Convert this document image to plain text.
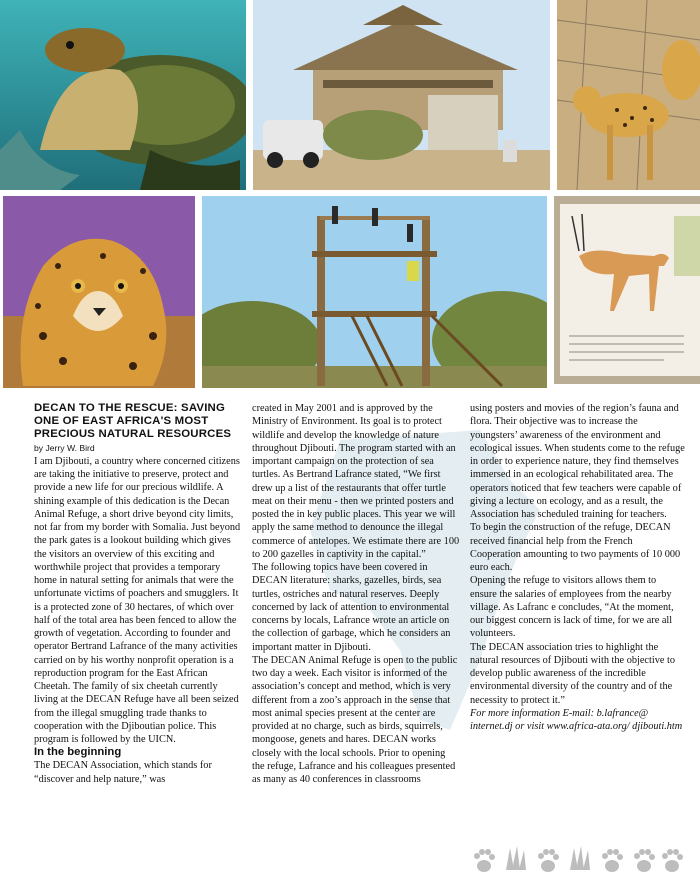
DECAN TO THE RESCUE: SAVING ONE OF EAST AFRICA'S MOST PRECIOUS NATURAL RESOURCES

by Jerry W. Bird

I am Djibouti, a country where concerned citizens are taking the initiative to preserve, protect and provide a new life for our precious wildlife. A shining example of this dedication is the Decan Animal Refuge, a short drive beyond city limits, not far from my border with Somalia. Just beyond the park gates is a lookout building which gives the visitors an overview of this exciting and worthwhile project that provides a temporary home in natural setting for animals that were the unfortunate victims of poachers and smugglers. It is a protected zone of 30 hectares, of which over half of the total area has been fenced to allow the growth of vegetation. According to founder and operator Bertrand Lafrance of the many activities carried on by his worthy nonprofit operation is a reproduction program for the East African Cheetah. The family of six cheetah currently living at the DECAN Refuge have all been seized from the illegal smuggling trade thanks to cooperation with the Djiboutian police. This program is followed by the UICN.

In the beginning

The DECAN Association, which stands for “discover and help nature,” was

created in May 2001 and is approved by the Ministry of Environment. Its goal is to protect wildlife and develop the knowledge of nature throughout Djibouti. The program started with an important campaign on the protection of sea turtles. As Bertrand Lafrance stated, “We first drew up a list of the restaurants that offer turtle meat on their menu - then we printed posters and posted the in key public places. This year we will apply the same method to denounce the illegal commerce of antelopes. We estimate there are 100 to 200 gazelles in captivity in the capital.”

The following topics have been covered in DECAN literature: sharks, gazelles, birds, sea turtles, ostriches and natural reserves. Deeply concerned by lack of attention to environmental concerns by locals, Lafrance wrote an article on the collection of garbage, which he considers an important matter in Djibouti.

The DECAN Animal Refuge is open to the public two day a week. Each visitor is informed of the association’s concept and method, which is very different from a zoo’s approach in the sense that most animal species present at the center are provided at no charge, such as birds, squirrels, mongoose, genets and hares. DECAN works closely with the local schools. Prior to opening the refuge, Lafrance and his colleagues presented as many as 40 conferences in classrooms

using posters and movies of the region’s fauna and flora. Their objective was to increase the youngsters’ awareness of the environment and ecological issues. When students come to the refuge in order to experience nature, they find themselves immersed in an ecological rehabilitated area. The operators noticed that few teachers were capable of giving a lecture on ecology, and as a result, the Association has scheduled training for teachers.

To begin the construction of the refuge, DECAN received financial help from the French Cooperation amounting to two payments of 10 000 euro each.

Opening the refuge to visitors allows them to ensure the salaries of employees from the nearby village. As Lafranc e concludes, “At the moment, our biggest concern is lack of time, for we are all volunteers.

The DECAN association tries to highlight the natural resources of Djibouti with the objective to develop public awareness of the incredible environmental diversity of the country and of the necessity to protect it.”

For more information E-mail: b.lafrance@ internet.dj or visit www.africa-ata.org/ djibouti.htm
